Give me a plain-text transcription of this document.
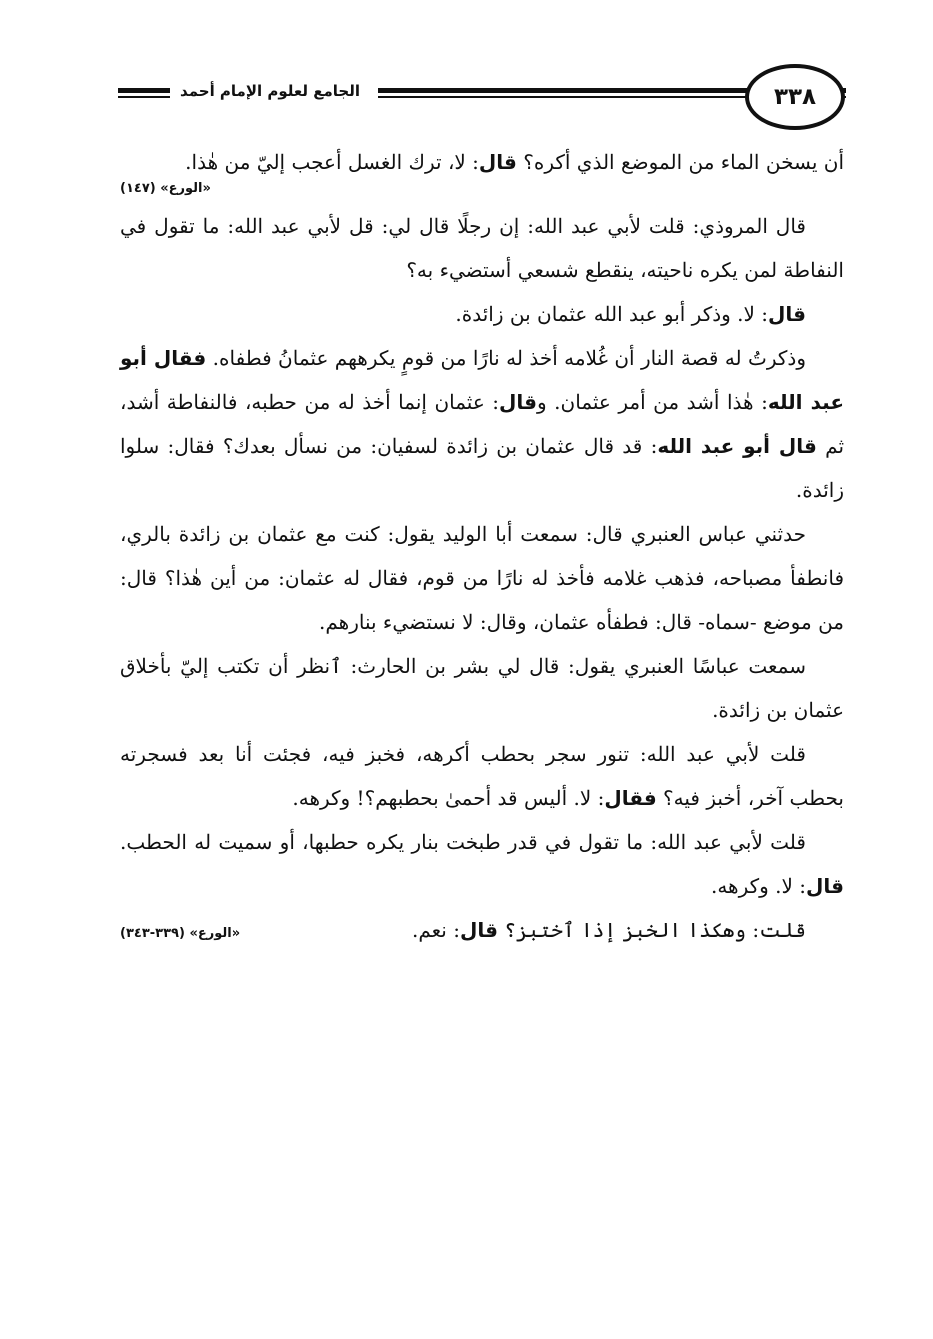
الجامع لعلوم الإمام أحمد	٣٣٨

أن يسخن الماء من الموضع الذي أكره؟ قال: لا، ترك الغسل أعجب إليّ من هٰذا.

«الورع» (١٤٧)

قال المروذي: قلت لأبي عبد الله: إن رجلًا قال لي: قل لأبي عبد الله: ما تقول في النفاطة لمن يكره ناحيته، ينقطع شسعي أستضيء به؟

قال: لا. وذكر أبو عبد الله عثمان بن زائدة.

وذكرتُ له قصة النار أن غُلامه أخذ له نارًا من قومٍ يكرههم عثمانُ فطفاه. فقال أبو عبد الله: هٰذا أشد من أمر عثمان. وقال: عثمان إنما أخذ له من حطبه، فالنفاطة أشد، ثم قال أبو عبد الله: قد قال عثمان بن زائدة لسفيان: من نسأل بعدك؟ فقال: سلوا زائدة.

حدثني عباس العنبري قال: سمعت أبا الوليد يقول: كنت مع عثمان بن زائدة بالري، فانطفأ مصباحه، فذهب غلامه فأخذ له نارًا من قوم، فقال له عثمان: من أين هٰذا؟ قال: من موضع -سماه- قال: فطفأه عثمان، وقال: لا نستضيء بنارهم.

سمعت عباسًا العنبري يقول: قال لي بشر بن الحارث: ٱنظر أن تكتب إليّ بأخلاق عثمان بن زائدة.

قلت لأبي عبد الله: تنور سجر بحطب أكرهه، فخبز فيه، فجئت أنا بعد فسجرته بحطب آخر، أخبز فيه؟ فقال: لا. أليس قد أحمىٰ بحطبهم؟! وكرهه.

قلت لأبي عبد الله: ما تقول في قدر طبخت بنار يكره حطبها، أو سميت له الحطب. قال: لا. وكرهه.

قلت: وهكذا الخبز إذا ٱختبز؟ قال: نعم.

«الورع» (٣٣٩-٣٤٣)
